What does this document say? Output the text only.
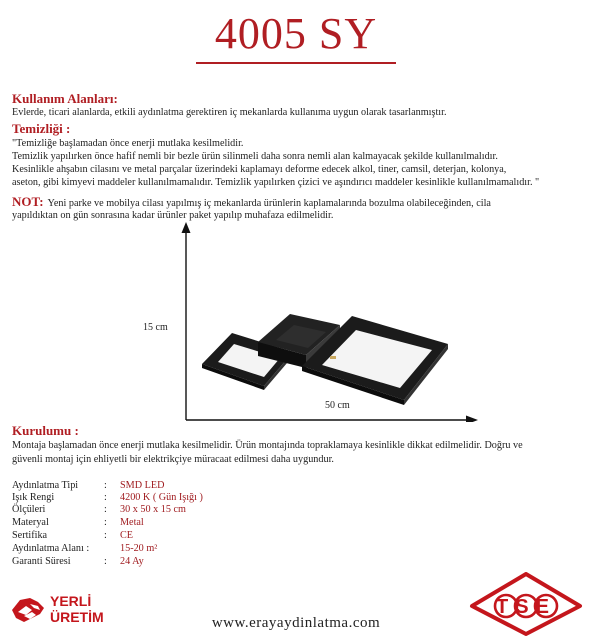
4005 SY
Kullanım Alanları:
Evlerde, ticari alanlarda, etkili aydınlatma gerektiren iç mekanlarda kullanıma uygun olarak tasarlanmıştır.
Temizliği :
"Temizliğe başlamadan önce enerji mutlaka kesilmelidir.
Temizlik yapılırken önce hafif nemli bir bezle ürün silinmeli daha sonra nemli alan kalmayacak şekilde kullanılmalıdır.
Kesinlikle ahşabın cilasını ve metal parçalar üzerindeki kaplamayı deforme edecek alkol, tiner, camsil, deterjan, kolonya,
aseton, gibi kimyevi maddeler kullanılmamalıdır. Temizlik yapılırken çizici ve aşındırıcı maddeler kesinlikle kullanılmamalıdır. "
NOT: Yeni parke ve mobilya cilası yapılmış iç mekanlarda ürünlerin kaplamalarında bozulma olabileceğinden, cila
yapıldıktan on gün sonrasına kadar ürünler paket yapılıp muhafaza edilmelidir.
15 cm
50 cm
Kurulumu :
Montaja başlamadan önce enerji mutlaka kesilmelidir. Ürün montajında topraklamaya kesinlikle dikkat edilmelidir. Doğru ve
güvenli montaj için ehliyetli bir elektrikçiye müracaat edilmesi daha uygundur.
Aydınlatma Tipi	: SMD LED
Işık Rengi	: 4200 K ( Gün Işığı )
Ölçüleri	: 30 x 50 x 15 cm
Materyal	: Metal
Sertifika	: CE
Aydınlatma Alanı :	15-20 m²
Garanti Süresi	: 24 Ay
YERLİ
ÜRETİM	www.erayaydinlatma.com
TSE
